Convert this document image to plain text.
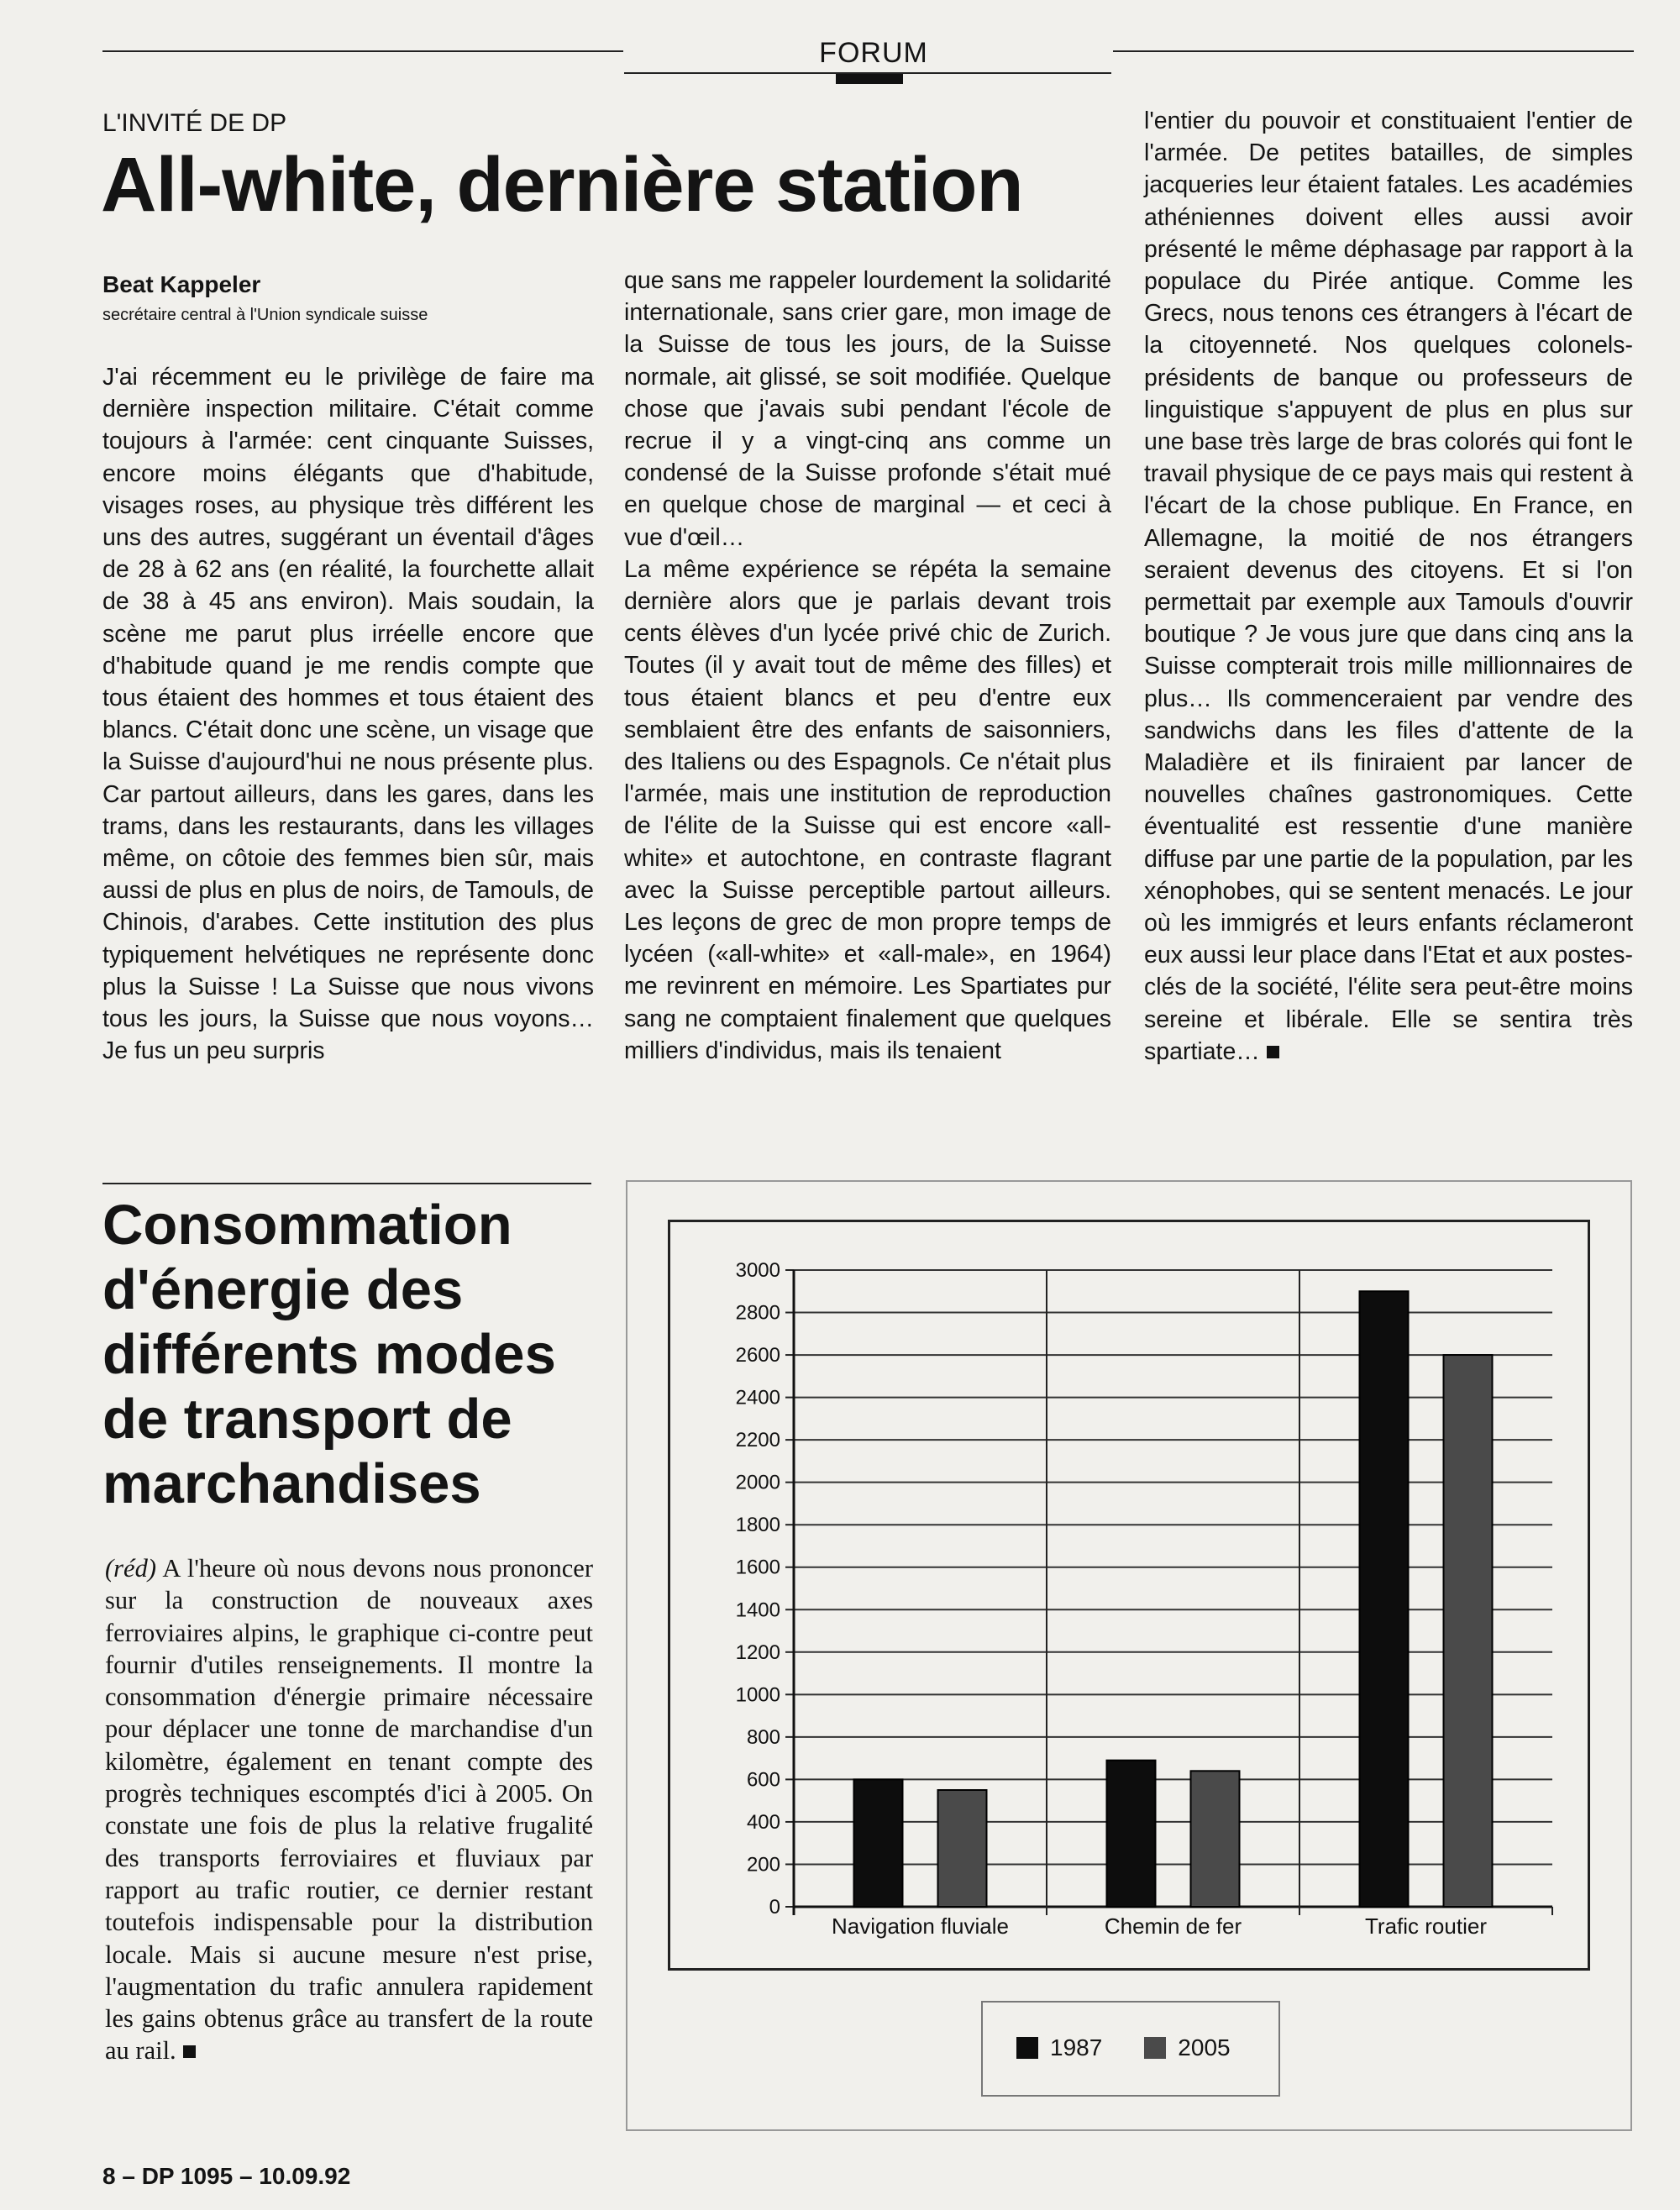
FORUM
L'INVITÉ DE DP
All-white, dernière station
Beat Kappeler
secrétaire central à l'Union syndicale suisse
J'ai récemment eu le privilège de faire ma dernière inspection militaire. C'était comme toujours à l'armée: cent cinquante Suisses, encore moins élégants que d'habitude, visages roses, au physique très différent les uns des autres, suggérant un éventail d'âges de 28 à 62 ans (en réalité, la fourchette allait de 38 à 45 ans environ). Mais soudain, la scène me parut plus irréelle encore que d'habitude quand je me rendis compte que tous étaient des hommes et tous étaient des blancs. C'était donc une scène, un visage que la Suisse d'aujourd'hui ne nous présente plus. Car partout ailleurs, dans les gares, dans les trams, dans les restaurants, dans les villages même, on côtoie des femmes bien sûr, mais aussi de plus en plus de noirs, de Tamouls, de Chinois, d'arabes. Cette institution des plus typiquement helvétiques ne représente donc plus la Suisse ! La Suisse que nous vivons tous les jours, la Suisse que nous voyons… Je fus un peu surpris
que sans me rappeler lourdement la solidarité internationale, sans crier gare, mon image de la Suisse de tous les jours, de la Suisse normale, ait glissé, se soit modifiée. Quelque chose que j'avais subi pendant l'école de recrue il y a vingt-cinq ans comme un condensé de la Suisse profonde s'était mué en quelque chose de marginal — et ceci à vue d'œil…
La même expérience se répéta la semaine dernière alors que je parlais devant trois cents élèves d'un lycée privé chic de Zurich. Toutes (il y avait tout de même des filles) et tous étaient blancs et peu d'entre eux semblaient être des enfants de saisonniers, des Italiens ou des Espagnols. Ce n'était plus l'armée, mais une institution de reproduction de l'élite de la Suisse qui est encore «all-white» et autochtone, en contraste flagrant avec la Suisse perceptible partout ailleurs. Les leçons de grec de mon propre temps de lycéen («all-white» et «all-male», en 1964) me revinrent en mémoire. Les Spartiates pur sang ne comptaient finalement que quelques milliers d'individus, mais ils tenaient
l'entier du pouvoir et constituaient l'entier de l'armée. De petites batailles, de simples jacqueries leur étaient fatales. Les académies athéniennes doivent elles aussi avoir présenté le même déphasage par rapport à la populace du Pirée antique. Comme les Grecs, nous tenons ces étrangers à l'écart de la citoyenneté. Nos quelques colonels-présidents de banque ou professeurs de linguistique s'appuyent de plus en plus sur une base très large de bras colorés qui font le travail physique de ce pays mais qui restent à l'écart de la chose publique. En France, en Allemagne, la moitié de nos étrangers seraient devenus des citoyens. Et si l'on permettait par exemple aux Tamouls d'ouvrir boutique ? Je vous jure que dans cinq ans la Suisse compterait trois mille millionnaires de plus… Ils commenceraient par vendre des sandwichs dans les files d'attente de la Maladière et ils finiraient par lancer de nouvelles chaînes gastronomiques. Cette éventualité est ressentie d'une manière diffuse par une partie de la population, par les xénophobes, qui se sentent menacés. Le jour où les immigrés et leurs enfants réclameront eux aussi leur place dans l'Etat et aux postes-clés de la société, l'élite sera peut-être moins sereine et libérale. Elle se sentira très spartiate…
Consommation d'énergie des différents modes de transport de marchandises
(réd) A l'heure où nous devons nous prononcer sur la construction de nouveaux axes ferroviaires alpins, le graphique ci-contre peut fournir d'utiles renseignements. Il montre la consommation d'énergie primaire nécessaire pour déplacer une tonne de marchandise d'un kilomètre, également en tenant compte des progrès techniques escomptés d'ici à 2005. On constate une fois de plus la relative frugalité des transports ferroviaires et fluviaux par rapport au trafic routier, ce dernier restant toutefois indispensable pour la distribution locale. Mais si aucune mesure n'est prise, l'augmentation du trafic annulera rapidement les gains obtenus grâce au transfert de la route au rail.
0
200
400
600
800
1000
1200
1400
1600
1800
2000
2200
2400
2600
2800
3000
Navigation fluviale	Chemin de fer	Trafic routier
1987	2005
8 – DP 1095 – 10.09.92
